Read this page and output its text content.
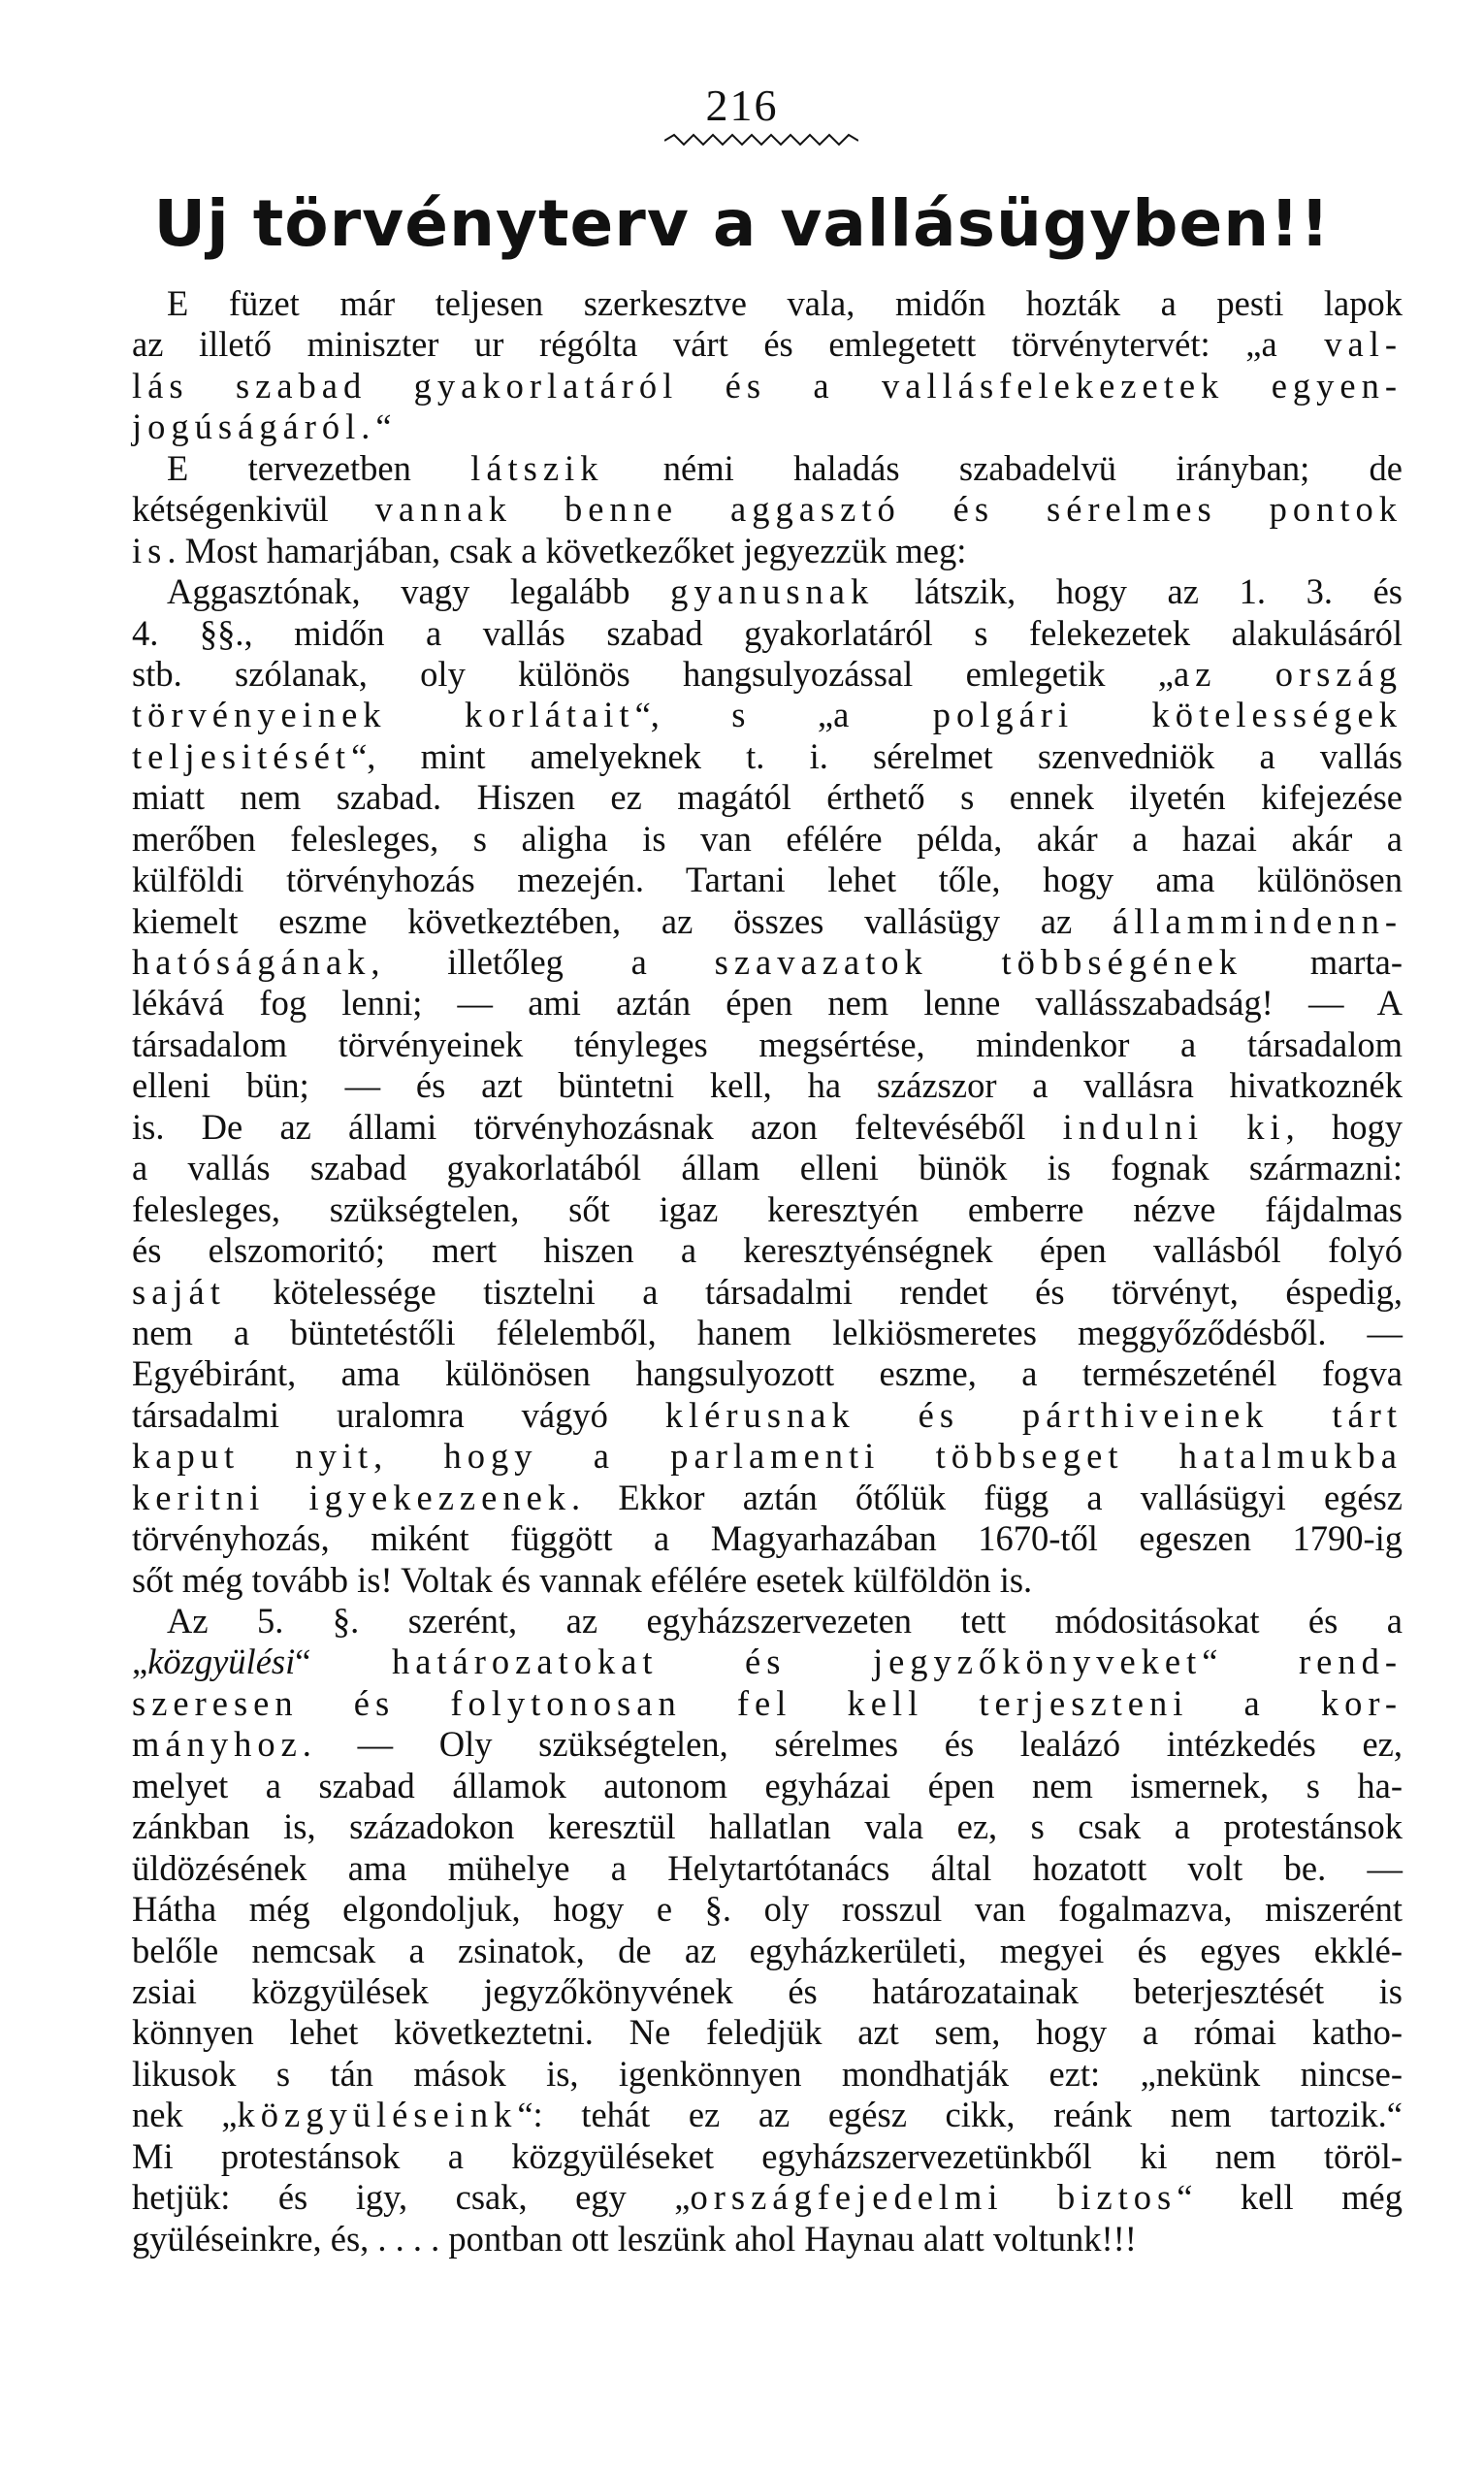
216
Uj törvényterv a vallásügyben!!
E füzet már teljesen szerkesztve vala, midőn hozták a pesti lapok
az illető miniszter ur régólta várt és emlegetett törvénytervét: „a val-
lás szabad gyakorlatáról és a vallásfelekezetek egyen-
jogúságáról.“
E tervezetben látszik némi haladás szabadelvü irányban; de
kétségenkivül vannak benne aggasztó és sérelmes pontok
is. Most hamarjában, csak a következőket jegyezzük meg:
Aggasztónak, vagy legalább gyanusnak látszik, hogy az 1. 3. és
4. §§., midőn a vallás szabad gyakorlatáról s felekezetek alakulásáról
stb. szólanak, oly különös hangsulyozással emlegetik „az ország
törvényeinek korlátait“, s „a polgári kötelességek
teljesitését“, mint amelyeknek t. i. sérelmet szenvedniök a vallás
miatt nem szabad. Hiszen ez magától érthető s ennek ilyetén kifejezése
merőben felesleges, s aligha is van efélére példa, akár a hazai akár a
külföldi törvényhozás mezején. Tartani lehet tőle, hogy ama különösen
kiemelt eszme következtében, az összes vallásügy az állammindenn-
hatóságának, illetőleg a szavazatok többségének marta-
lékává fog lenni; — ami aztán épen nem lenne vallásszabadság! — A
társadalom törvényeinek tényleges megsértése, mindenkor a társadalom
elleni bün; — és azt büntetni kell, ha százszor a vallásra hivatkoznék
is. De az állami törvényhozásnak azon feltevéséből indulni ki, hogy
a vallás szabad gyakorlatából állam elleni bünök is fognak származni:
felesleges, szükségtelen, sőt igaz keresztyén emberre nézve fájdalmas
és elszomoritó; mert hiszen a keresztyénségnek épen vallásból folyó
saját kötelessége tisztelni a társadalmi rendet és törvényt, éspedig,
nem a büntetéstőli félelemből, hanem lelkiösmeretes meggyőződésből. —
Egyébiránt, ama különösen hangsulyozott eszme, a természeténél fogva
társadalmi uralomra vágyó klérusnak és párthiveinek tárt
kaput nyit, hogy a parlamenti többseget hatalmukba
keritni igyekezzenek. Ekkor aztán őtőlük függ a vallásügyi egész
törvényhozás, miként függött a Magyarhazában 1670-től egeszen 1790-ig
sőt még tovább is! Voltak és vannak efélére esetek külföldön is.
Az 5. §. szerént, az egyházszervezeten tett módositásokat és a
„közgyülési“ határozatokat és jegyzőkönyveket“ rend-
szeresen és folytonosan fel kell terjeszteni a kor-
mányhoz. — Oly szükségtelen, sérelmes és lealázó intézkedés ez,
melyet a szabad államok autonom egyházai épen nem ismernek, s ha-
zánkban is, századokon keresztül hallatlan vala ez, s csak a protestánsok
üldözésének ama mühelye a Helytartótanács által hozatott volt be. —
Hátha még elgondoljuk, hogy e §. oly rosszul van fogalmazva, miszerént
belőle nemcsak a zsinatok, de az egyházkerületi, megyei és egyes ekklé-
zsiai közgyülések jegyzőkönyvének és határozatainak beterjesztését is
könnyen lehet következtetni. Ne feledjük azt sem, hogy a római katho-
likusok s tán mások is, igenkönnyen mondhatják ezt: „nekünk nincse-
nek „közgyüléseink“: tehát ez az egész cikk, reánk nem tartozik.“
Mi protestánsok a közgyüléseket egyházszervezetünkből ki nem töröl-
hetjük: és igy, csak, egy „országfejedelmi biztos“ kell még
gyüléseinkre, és, . . . . pontban ott leszünk ahol Haynau alatt voltunk!!!
